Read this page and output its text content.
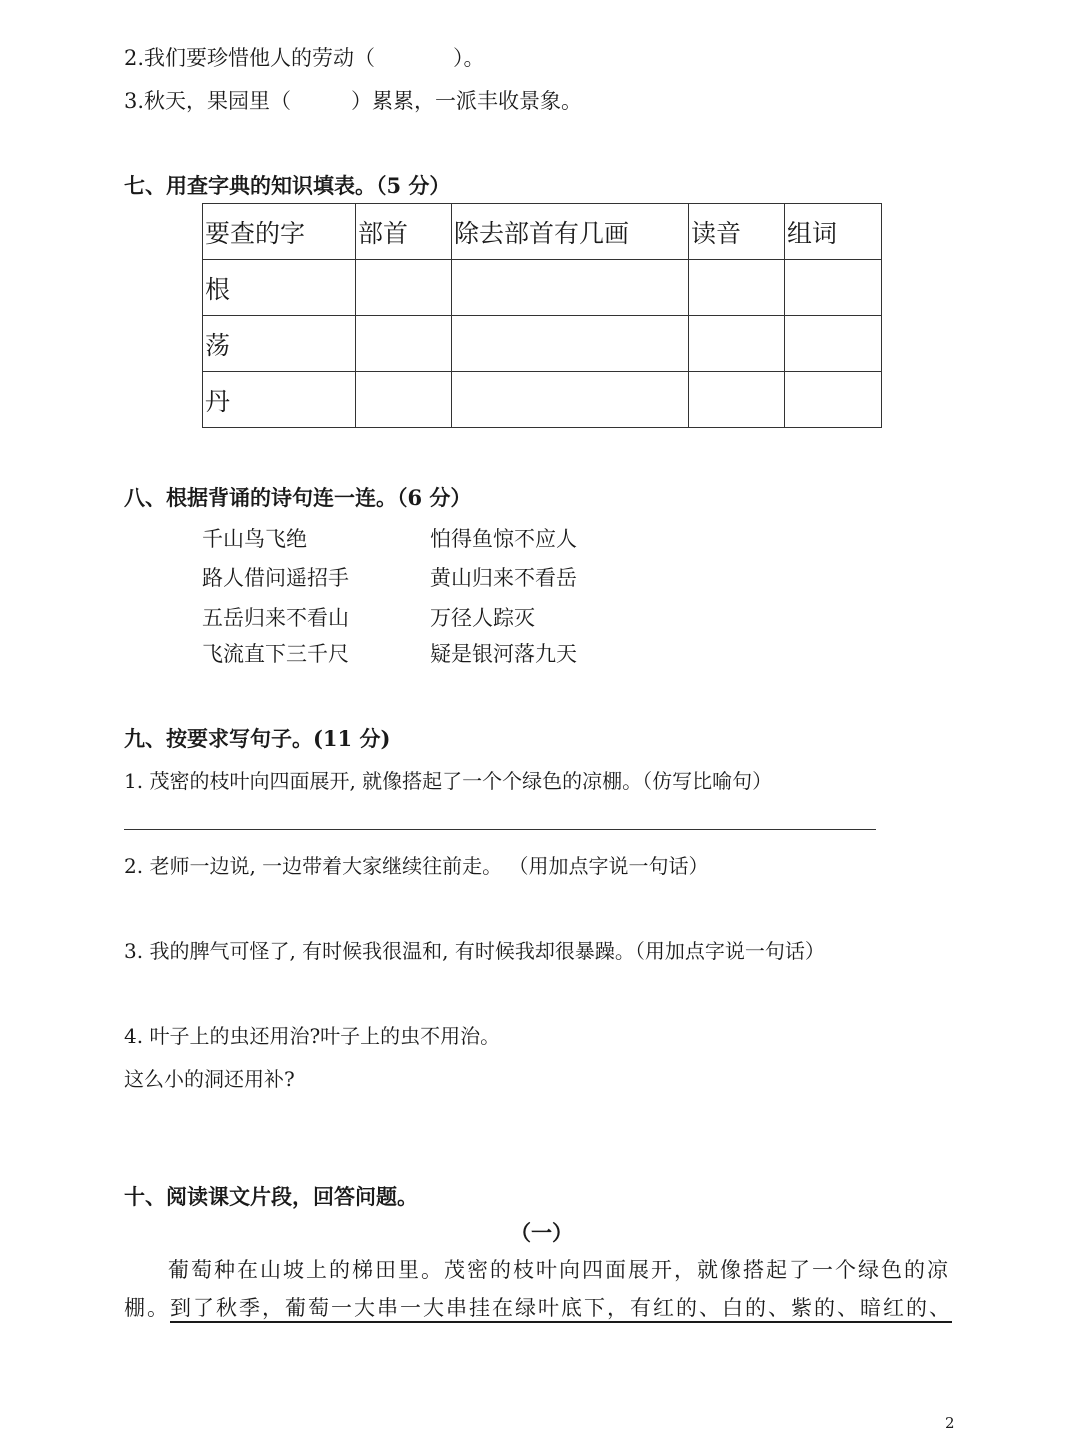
2.我们要珍惜他人的劳动（	）。
3.秋天，果园里（	）累累，一派丰收景象。
七、用查字典的知识填表。（5 分）
要查的字	部首	除去部首有几画	读音	组词
根				
荡				
丹				
八、根据背诵的诗句连一连。（6 分）
千山鸟飞绝
路人借问遥招手
五岳归来不看山
飞流直下三千尺
怕得鱼惊不应人
黄山归来不看岳
万径人踪灭
疑是银河落九天
九、按要求写句子。(11 分)
1. 茂密的枝叶向四面展开, 就像搭起了一个个绿色的凉棚。（仿写比喻句）
2. 老师一边说, 一边带着大家继续往前走。 （用加点字说一句话）
3. 我的脾气可怪了, 有时候我很温和, 有时候我却很暴躁。（用加点字说一句话）
4. 叶子上的虫还用治?叶子上的虫不用治。
这么小的洞还用补?
十、阅读课文片段，回答问题。
（一）
葡萄种在山坡上的梯田里。茂密的枝叶向四面展开，就像搭起了一个绿色的凉
棚。到了秋季，葡萄一大串一大串挂在绿叶底下，有红的、白的、紫的、暗红的、
2
